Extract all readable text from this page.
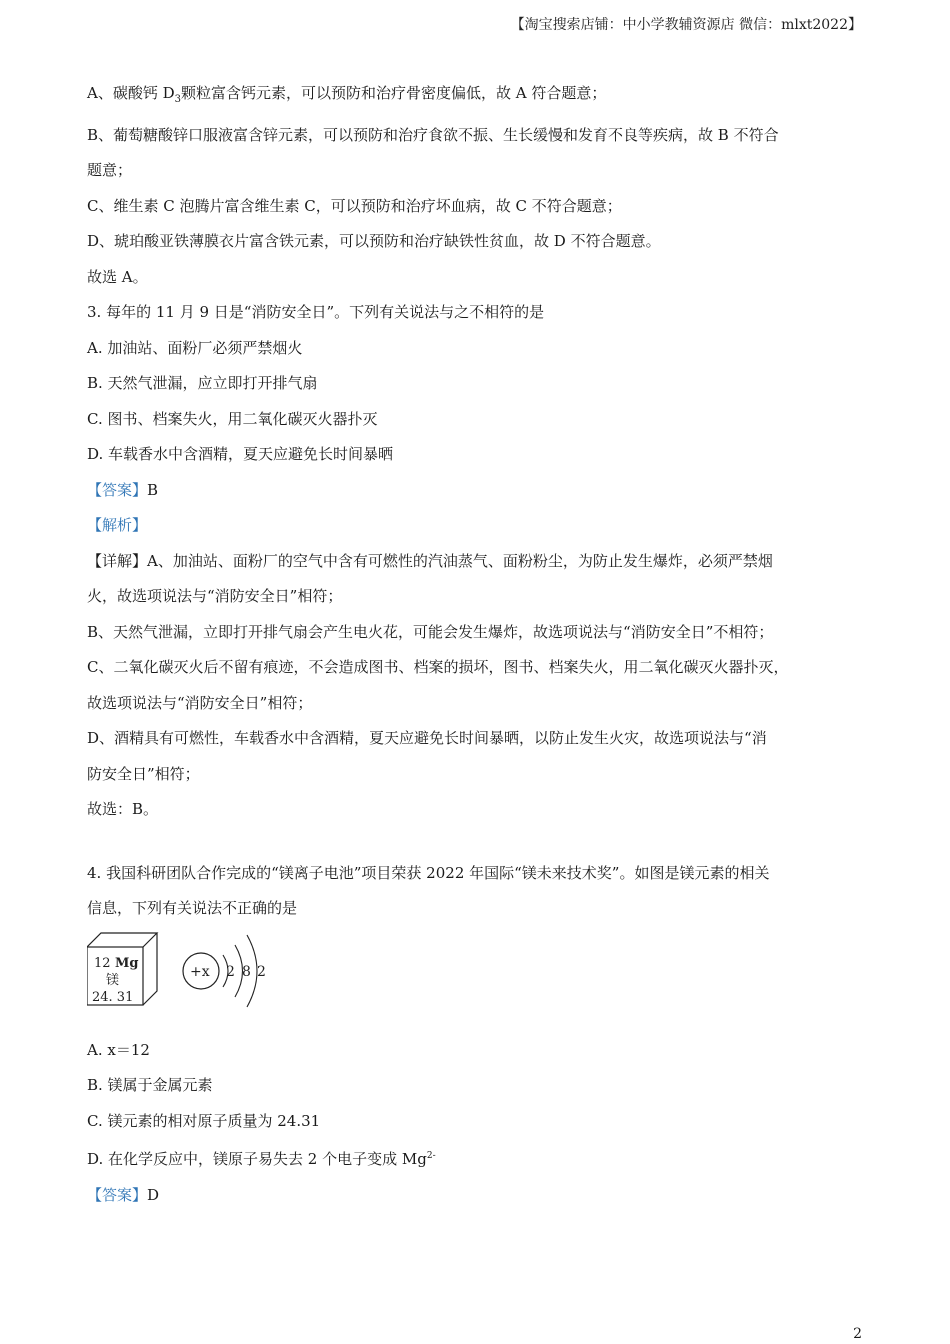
【淘宝搜索店铺：中小学教辅资源店 微信：mlxt2022】
A、碳酸钙 $D_3$颗粒富含钙元素，可以预防和治疗骨密度偏低，故 A 符合题意；
B、葡萄糖酸锌口服液富含锌元素，可以预防和治疗食欲不振、生长缓慢和发育不良等疾病，故 B 不符合
题意；
C、维生素 C 泡腾片富含维生素 C，可以预防和治疗坏血病，故 C 不符合题意；
D、琥珀酸亚铁薄膜衣片富含铁元素，可以预防和治疗缺铁性贫血，故 D 不符合题意。
故选 A。
3. 每年的 11 月 9 日是“消防安全日”。下列有关说法与之不相符的是
A. 加油站、面粉厂必须严禁烟火
B. 天然气泄漏，应立即打开排气扇
C. 图书、档案失火，用二氧化碳灭火器扑灭
D. 车载香水中含酒精，夏天应避免长时间暴晒
【答案】B
【解析】
【详解】A、加油站、面粉厂的空气中含有可燃性的汽油蒸气、面粉粉尘，为防止发生爆炸，必须严禁烟
火，故选项说法与“消防安全日”相符；
B、天然气泄漏，立即打开排气扇会产生电火花，可能会发生爆炸，故选项说法与“消防安全日”不相符；
C、二氧化碳灭火后不留有痕迹，不会造成图书、档案的损坏，图书、档案失火，用二氧化碳灭火器扑灭，
故选项说法与“消防安全日”相符；
D、酒精具有可燃性，车载香水中含酒精，夏天应避免长时间暴晒，以防止发生火灾，故选项说法与“消
防安全日”相符；
故选：B。
4. 我国科研团队合作完成的“镁离子电池”项目荣获 2022 年国际“镁未来技术奖”。如图是镁元素的相关
信息，下列有关说法不正确的是
12 Mg
镁
24. 31
+x 2 8 2
A. x＝12
B. 镁属于金属元素
C. 镁元素的相对原子质量为 24.31
D. 在化学反应中，镁原子易失去 2 个电子变成 $Mg^{2-}$
【答案】D
2
